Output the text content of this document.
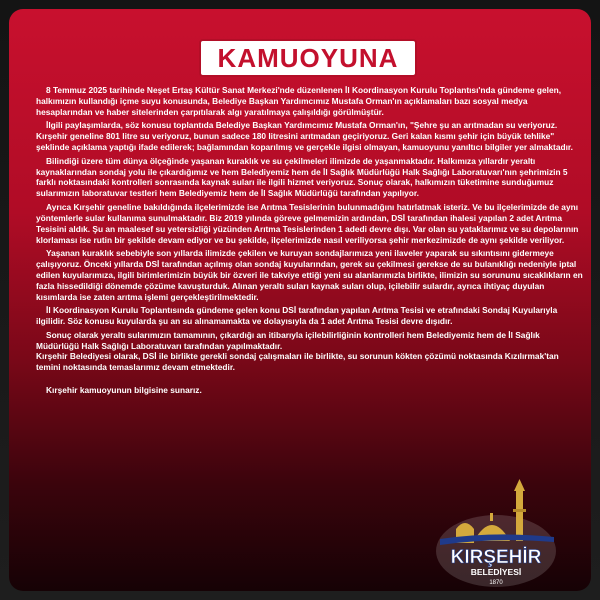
KAMUOYUNA

8 Temmuz 2025 tarihinde Neşet Ertaş Kültür Sanat Merkezi'nde düzenlenen İl Koordinasyon Kurulu Toplantısı'nda gündeme gelen, halkımızın kullandığı içme suyu konusunda, Belediye Başkan Yardımcımız Mustafa Orman'ın açıklamaları bazı sosyal medya hesaplarından ve haber sitelerinden çarpıtılarak algı yaratılmaya çalışıldığı görülmüştür.

İlgili paylaşımlarda, söz konusu toplantıda Belediye Başkan Yardımcımız Mustafa Orman'ın, "Şehre şu an arıtmadan su veriyoruz. Kırşehir geneline 801 litre su veriyoruz, bunun sadece 180 litresini arıtmadan geçiriyoruz. Geri kalan kısmı şehir için büyük tehlike" şeklinde açıklama yaptığı ifade edilerek; bağlamından koparılmış ve gerçekle ilgisi olmayan, kamuoyunu yanıltıcı bilgiler yer almaktadır.

Bilindiği üzere tüm dünya ölçeğinde yaşanan kuraklık ve su çekilmeleri ilimizde de yaşanmaktadır. Halkımıza yıllardır yeraltı kaynaklarından sondaj yolu ile çıkardığımız ve hem Belediyemiz hem de İl Sağlık Müdürlüğü Halk Sağlığı Laboratuvarı'nın şehrimizin 5 farklı noktasındaki kontrolleri sonrasında kaynak suları ile ilgili hizmet veriyoruz. Sonuç olarak, halkımızın tüketimine sunduğumuz sularımızın laboratuvar testleri hem Belediyemiz hem de İl Sağlık Müdürlüğü tarafından yapılıyor.

Ayrıca Kırşehir geneline bakıldığında ilçelerimizde ise Arıtma Tesislerinin bulunmadığını hatırlatmak isteriz. Ve bu ilçelerimizde de aynı yöntemlerle sular kullanıma sunulmaktadır. Biz 2019 yılında göreve gelmemizin ardından, DSİ tarafından ihalesi yapılan 2 adet Arıtma Tesisini aldık. Şu an maalesef su yetersizliği yüzünden Arıtma Tesislerinden 1 adedi devre dışı. Var olan su yataklarımız ve su depolarının klorlaması ise rutin bir şekilde devam ediyor ve bu şekilde, ilçelerimizde nasıl veriliyorsa şehir merkezimizde de aynı şekilde veriliyor.

Yaşanan kuraklık sebebiyle son yıllarda ilimizde çekilen ve kuruyan sondajlarımıza yeni ilaveler yaparak su sıkıntısını gidermeye çalışıyoruz. Önceki yıllarda DSİ tarafından açılmış olan sondaj kuyularından, gerek su çekilmesi gerekse de su bulanıklığı nedeniyle iptal edilen kuyularımıza, ilgili birimlerimizin büyük bir özveri ile takviye ettiği yeni su alanlarımızla birlikte, ilimizin su sorununu sıcaklıkların en fazla hissedildiği dönemde çözüme kavuşturduk. Alınan yeraltı suları kaynak suları olup, içilebilir sulardır, ayrıca ihtiyaç duyulan kısımlarda ise zaten arıtma işlemi gerçekleştirilmektedir.

İl Koordinasyon Kurulu Toplantısında gündeme gelen konu DSİ tarafından yapılan Arıtma Tesisi ve etrafındaki Sondaj Kuyularıyla ilgilidir. Söz konusu kuyularda şu an su alınamamakta ve dolayısıyla da 1 adet Arıtma Tesisi devre dışıdır.

Sonuç olarak yeraltı sularımızın tamamının, çıkardığı an itibarıyla içilebilirliğinin kontrolleri hem Belediyemiz hem de İl Sağlık Müdürlüğü Halk Sağlığı Laboratuvarı tarafından yapılmaktadır.
Kırşehir Belediyesi olarak, DSİ ile birlikte gerekli sondaj çalışmaları ile birlikte, su sorunun kökten çözümü noktasında Kızılırmak'tan temini noktasında temaslarımız devam etmektedir.

Kırşehir kamuoyunun bilgisine sunarız.

KIRŞEHİR
BELEDİYESİ
1870
